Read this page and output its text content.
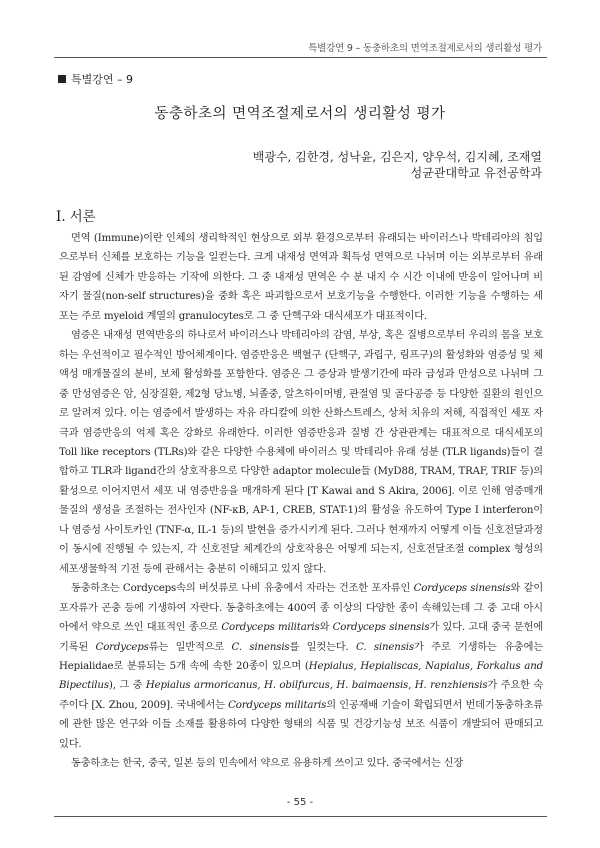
특별강연 9 – 동충하초의 면역조절제로서의 생리활성 평가
특별강연 – 9
동충하초의 면역조절제로서의 생리활성 평가
백광수, 김한경, 성낙윤, 김은지, 양우석, 김지혜, 조재열
성균관대학교 유전공학과
Ⅰ. 서론

면역 (Immune)이란 인체의 생리학적인 현상으로 외부 환경으로부터 유래되는 바이러스나 박테리아의 침입으로부터 신체를 보호하는 기능을 일컫는다. 크게 내재성 면역과 획득성 면역으로 나뉘며 이는 외부로부터 유래된 감염에 신체가 반응하는 기작에 의한다. 그 중 내재성 면역은 수 분 내지 수 시간 이내에 반응이 일어나며 비자기 물질(non-self structures)을 중화 혹은 파괴함으로서 보호기능을 수행한다. 이러한 기능을 수행하는 세포는 주로 myeloid 계열의 granulocytes로 그 중 단핵구와 대식세포가 대표적이다.

염증은 내재성 면역반응의 하나로서 바이러스나 박테리아의 감염, 부상, 혹은 질병으로부터 우리의 몸을 보호하는 우선적이고 필수적인 방어체계이다. 염증반응은 백혈구 (단핵구, 과립구, 림프구)의 활성화와 염증성 및 체액성 매개물질의 분비, 보체 활성화를 포함한다. 염증은 그 증상과 발생기간에 따라 급성과 만성으로 나뉘며 그중 만성염증은 암, 심장질환, 제2형 당뇨병, 뇌졸중, 알츠하이머병, 관절염 및 골다공증 등 다양한 질환의 원인으로 알려져 있다. 이는 염증에서 발생하는 자유 라디칼에 의한 산화스트레스, 상처 치유의 저해, 직접적인 세포 자극과 염증반응의 억제 혹은 강화로 유래한다. 이러한 염증반응과 질병 간 상관관계는 대표적으로 대식세포의 Toll like receptors (TLRs)와 같은 다양한 수용체에 바이러스 및 박테리아 유래 성분 (TLR ligands)들이 결합하고 TLR과 ligand간의 상호작용으로 다양한 adaptor molecule들 (MyD88, TRAM, TRAF, TRIF 등)의 활성으로 이어지면서 세포 내 염증반응을 매개하게 된다 [T Kawai and S Akira, 2006]. 이로 인해 염증매개물질의 생성을 조절하는 전사인자 (NF-κB, AP-1, CREB, STAT-1)의 활성을 유도하여 Type I interferon이나 염증성 사이토카인 (TNF-α, IL-1 등)의 발현을 증가시키게 된다. 그러나 현재까지 어떻게 이들 신호전달과정이 동시에 진행될 수 있는지, 각 신호전달 체계간의 상호작용은 어떻게 되는지, 신호전달조절 complex 형성의 세포생물학적 기전 등에 관해서는 충분히 이해되고 있지 않다.

동충하초는 Cordyceps속의 버섯류로 나비 유충에서 자라는 건조한 포자류인 Cordyceps sinensis와 같이 포자류가 곤충 등에 기생하여 자란다. 동충하초에는 400여 종 이상의 다양한 종이 속해있는데 그 중 고대 아시아에서 약으로 쓰인 대표적인 종으로 Cordyceps militaris와 Cordyceps sinensis가 있다. 고대 중국 문헌에 기록된 Cordyceps류는 일반적으로 C. sinensis를 일컷는다. C. sinensis가 주로 기생하는 유충에는 Hepialidae로 분류되는 5개 속에 속한 20종이 있으며 (Hepialus, Hepialiscas, Napialus, Forkalus and Bipectilus), 그 중 Hepialus armoricanus, H. obilfurcus, H. baimaensis, H. renzhiensis가 주요한 숙주이다 [X. Zhou, 2009]. 국내에서는 Cordyceps militaris의 인공재배 기술이 확립되면서 번데기동충하초류에 관한 많은 연구와 이들 소재를 활용하여 다양한 형태의 식품 및 건강기능성 보조 식품이 개발되어 판매되고 있다.

동충하초는 한국, 중국, 일본 등의 민속에서 약으로 유용하게 쓰이고 있다. 중국에서는 신장

- 55 -
